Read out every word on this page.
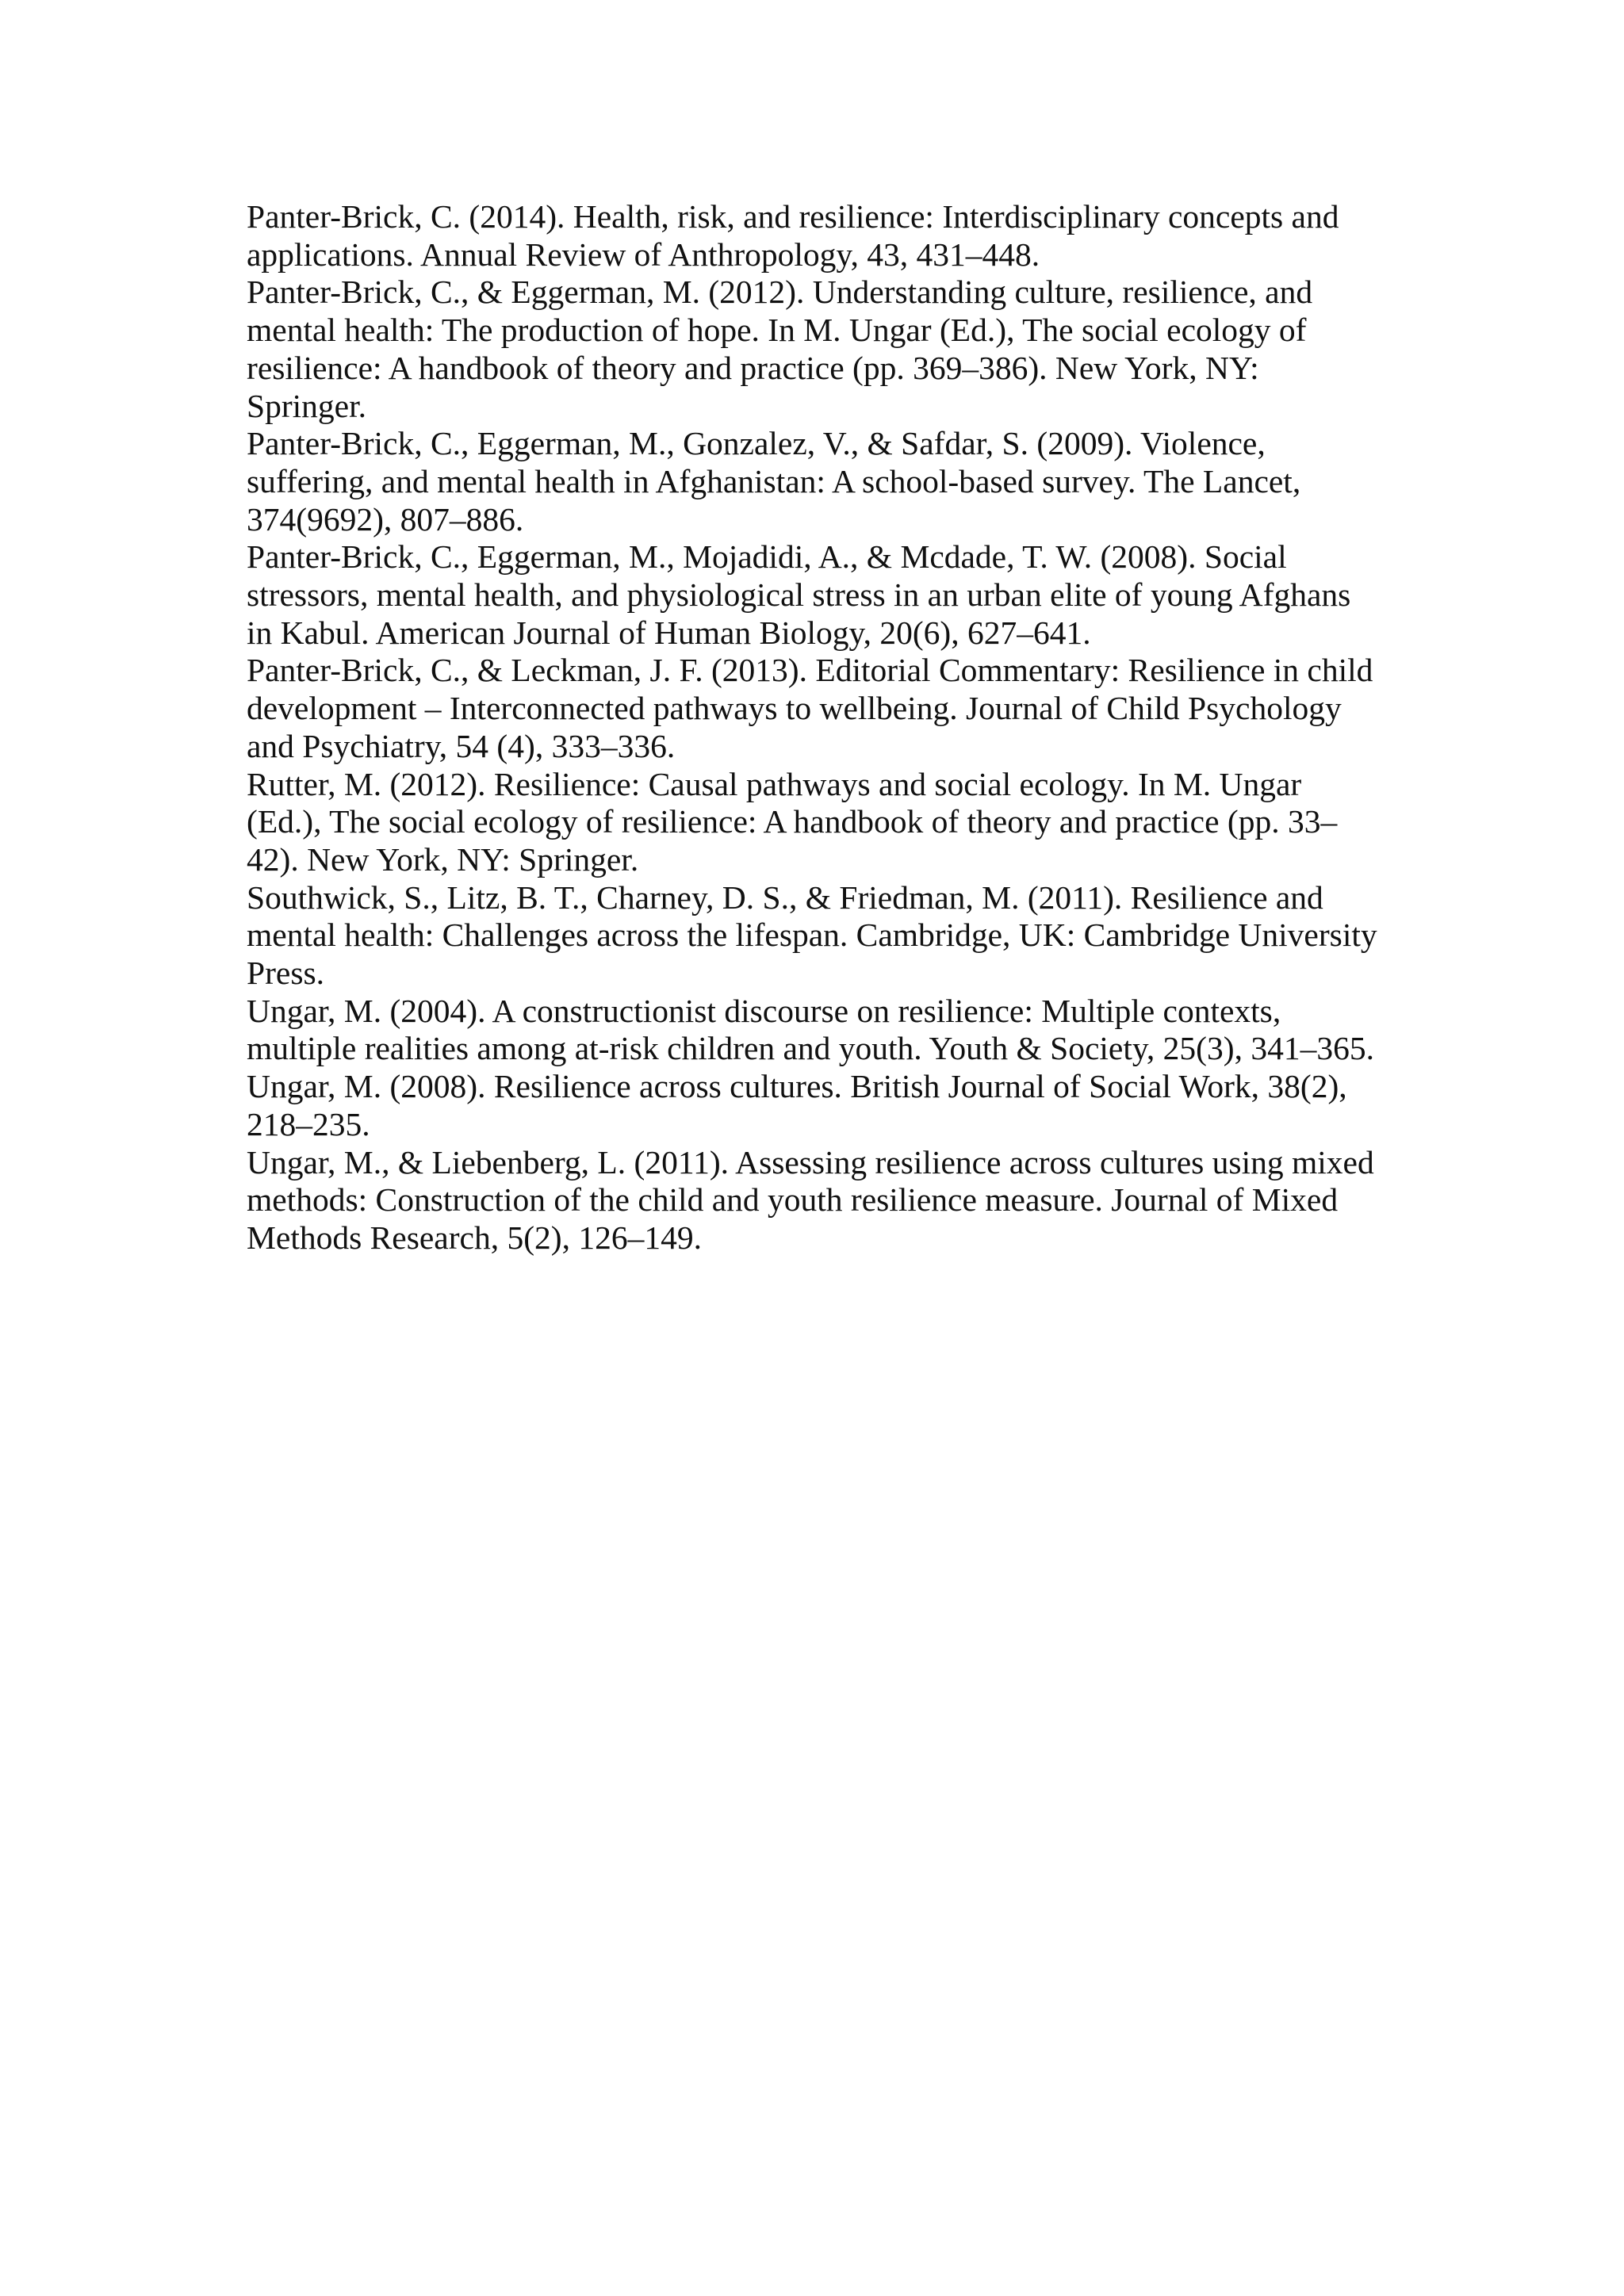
Panter-Brick, C. (2014). Health, risk, and resilience: Interdisciplinary concepts and
applications. Annual Review of Anthropology, 43, 431–448.
Panter-Brick, C., & Eggerman, M. (2012). Understanding culture, resilience, and
mental health: The production of hope. In M. Ungar (Ed.), The social ecology of
resilience: A handbook of theory and practice (pp. 369–386). New York, NY:
Springer.
Panter-Brick, C., Eggerman, M., Gonzalez, V., & Safdar, S. (2009). Violence,
suffering, and mental health in Afghanistan: A school-based survey. The Lancet,
374(9692), 807–886.
Panter-Brick, C., Eggerman, M., Mojadidi, A., & Mcdade, T. W. (2008). Social
stressors, mental health, and physiological stress in an urban elite of young Afghans
in Kabul. American Journal of Human Biology, 20(6), 627–641.
Panter-Brick, C., & Leckman, J. F. (2013). Editorial Commentary: Resilience in child
development – Interconnected pathways to wellbeing. Journal of Child Psychology
and Psychiatry, 54 (4), 333–336.
Rutter, M. (2012). Resilience: Causal pathways and social ecology. In M. Ungar
(Ed.), The social ecology of resilience: A handbook of theory and practice (pp. 33–
42). New York, NY: Springer.
Southwick, S., Litz, B. T., Charney, D. S., & Friedman, M. (2011). Resilience and
mental health: Challenges across the lifespan. Cambridge, UK: Cambridge University
Press.
Ungar, M. (2004). A constructionist discourse on resilience: Multiple contexts,
multiple realities among at-risk children and youth. Youth & Society, 25(3), 341–365.
Ungar, M. (2008). Resilience across cultures. British Journal of Social Work, 38(2),
218–235.
Ungar, M., & Liebenberg, L. (2011). Assessing resilience across cultures using mixed
methods: Construction of the child and youth resilience measure. Journal of Mixed
Methods Research, 5(2), 126–149.
